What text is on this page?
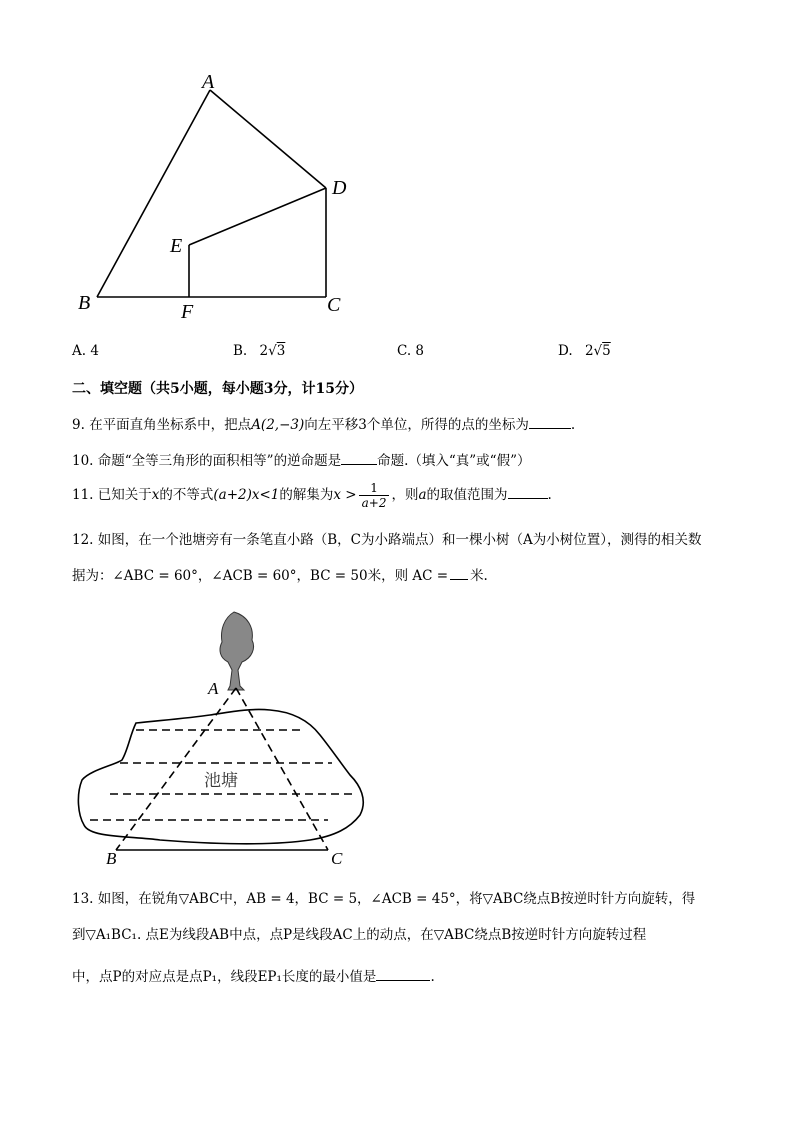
A
B	C
D
E
F
A. 4	B. 2√3	C. 8	D. 2√5
二、填空题（共5小题，每小题3分，计15分）
9. 在平面直角坐标系中，把点A(2,−3)向左平移3个单位，所得的点的坐标为	.
10. 命题“全等三角形的面积相等”的逆命题是	命题.（填入“真”或“假”）
11. 已知关于x的不等式(a+2)x<1的解集为$x > \frac{1}{a+2}$ ，则a的取值范围为	.
12. 如图，在一个池塘旁有一条笔直小路（B，C为小路端点）和一棵小树（A为小树位置），测得的相关数
据为：∠ABC = 60°，∠ACB = 60°，BC = 50米，则 AC = 米.
A
B	C
池塘
13. 如图，在锐角▽ABC中，AB = 4，BC = 5，∠ACB = 45°，将▽ABC绕点B按逆时针方向旋转，得
到▽A₁BC₁. 点E为线段AB中点，点P是线段AC上的动点，在▽ABC绕点B按逆时针方向旋转过程
中，点P的对应点是点P₁，线段EP₁长度的最小值是	.
